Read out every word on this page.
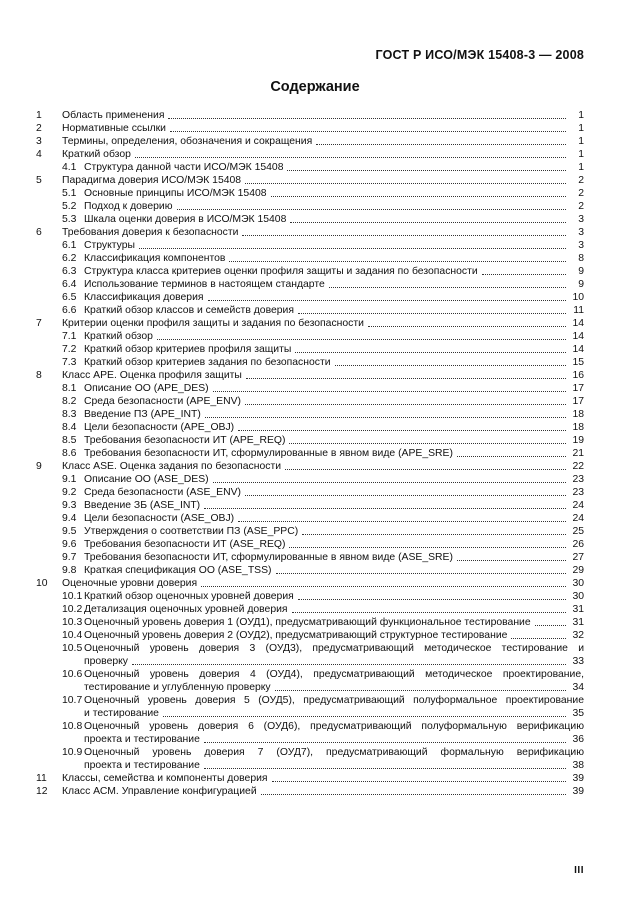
ГОСТ Р ИСО/МЭК 15408-3 — 2008
Содержание
1	Область применения	1
2	Нормативные ссылки	1
3	Термины, определения, обозначения и сокращения	1
4	Краткий обзор	1
4.1 Структура данной части ИСО/МЭК 15408	1
5	Парадигма доверия ИСО/МЭК 15408	2
5.1 Основные принципы ИСО/МЭК 15408	2
5.2 Подход к доверию	2
5.3 Шкала оценки доверия в ИСО/МЭК 15408	3
6	Требования доверия к безопасности	3
6.1 Структуры	3
6.2 Классификация компонентов	8
6.3 Структура класса критериев оценки профиля защиты и задания по безопасности	9
6.4 Использование терминов в настоящем стандарте	9
6.5 Классификация доверия	10
6.6 Краткий обзор классов и семейств доверия	11
7	Критерии оценки профиля защиты и задания по безопасности	14
7.1 Краткий обзор	14
7.2 Краткий обзор критериев профиля защиты	14
7.3 Краткий обзор критериев задания по безопасности	15
8	Класс АРЕ. Оценка профиля защиты	16
8.1 Описание ОО (APE_DES)	17
8.2 Среда безопасности (APE_ENV)	17
8.3 Введение ПЗ (APE_INT)	18
8.4 Цели безопасности (APE_OBJ)	18
8.5 Требования безопасности ИТ (APE_REQ)	19
8.6 Требования безопасности ИТ, сформулированные в явном виде (APE_SRE)	21
9	Класс ASE. Оценка задания по безопасности	22
9.1 Описание ОО (ASE_DES)	23
9.2 Среда безопасности (ASE_ENV)	23
9.3 Введение ЗБ (ASE_INT)	24
9.4 Цели безопасности (ASE_OBJ)	24
9.5 Утверждения о соответствии ПЗ (ASE_PPC)	25
9.6 Требования безопасности ИТ (ASE_REQ)	26
9.7 Требования безопасности ИТ, сформулированные в явном виде (ASE_SRE)	27
9.8 Краткая спецификация ОО (ASE_TSS)	29
10	Оценочные уровни доверия	30
10.1 Краткий обзор оценочных уровней доверия	30
10.2 Детализация оценочных уровней доверия	31
10.3 Оценочный уровень доверия 1 (ОУД1), предусматривающий функциональное тестирование	31
10.4 Оценочный уровень доверия 2 (ОУД2), предусматривающий структурное тестирование	32
10.5 Оценочный уровень доверия 3 (ОУД3), предусматривающий методическое тестирование и
проверку	33
10.6 Оценочный уровень доверия 4 (ОУД4), предусматривающий методическое проектирование,
тестирование и углубленную проверку	34
10.7 Оценочный уровень доверия 5 (ОУД5), предусматривающий полуформальное проектирование
и тестирование	35
10.8 Оценочный уровень доверия 6 (ОУД6), предусматривающий полуформальную верификацию
проекта и тестирование	36
10.9 Оценочный уровень доверия 7 (ОУД7), предусматривающий формальную верификацию
проекта и тестирование	38
11	Классы, семейства и компоненты доверия	39
12	Класс АСМ. Управление конфигурацией	39
III
